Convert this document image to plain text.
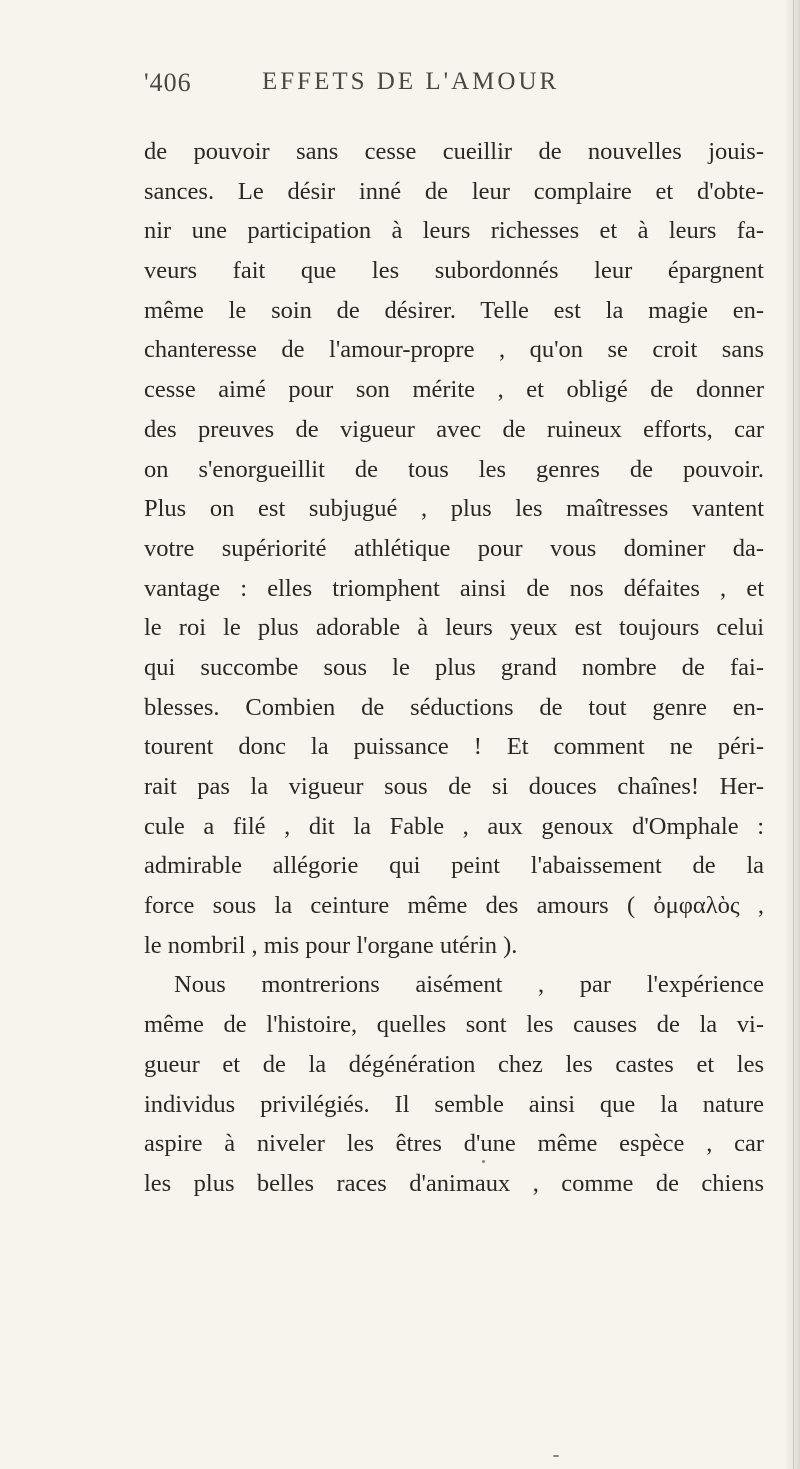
'406	EFFETS DE L'AMOUR
de pouvoir sans cesse cueillir de nouvelles jouis-
sances. Le désir inné de leur complaire et d'obte-
nir une participation à leurs richesses et à leurs fa-
veurs fait que les subordonnés leur épargnent
même le soin de désirer. Telle est la magie en-
chanteresse de l'amour-propre , qu'on se croit sans
cesse aimé pour son mérite , et obligé de donner
des preuves de vigueur avec de ruineux efforts, car
on s'enorgueillit de tous les genres de pouvoir.
Plus on est subjugué , plus les maîtresses vantent
votre supériorité athlétique pour vous dominer da-
vantage : elles triomphent ainsi de nos défaites , et
le roi le plus adorable à leurs yeux est toujours celui
qui succombe sous le plus grand nombre de fai-
blesses. Combien de séductions de tout genre en-
tourent donc la puissance ! Et comment ne péri-
rait pas la vigueur sous de si douces chaînes! Her-
cule a filé , dit la Fable , aux genoux d'Omphale :
admirable allégorie qui peint l'abaissement de la
force sous la ceinture même des amours ( ὀμφαλὸς ,
le nombril , mis pour l'organe utérin ).
Nous montrerions aisément , par l'expérience
même de l'histoire, quelles sont les causes de la vi-
gueur et de la dégénération chez les castes et les
individus privilégiés. Il semble ainsi que la nature
aspire à niveler les êtres d'une même espèce , car
les plus belles races d'animaux , comme de chiens
